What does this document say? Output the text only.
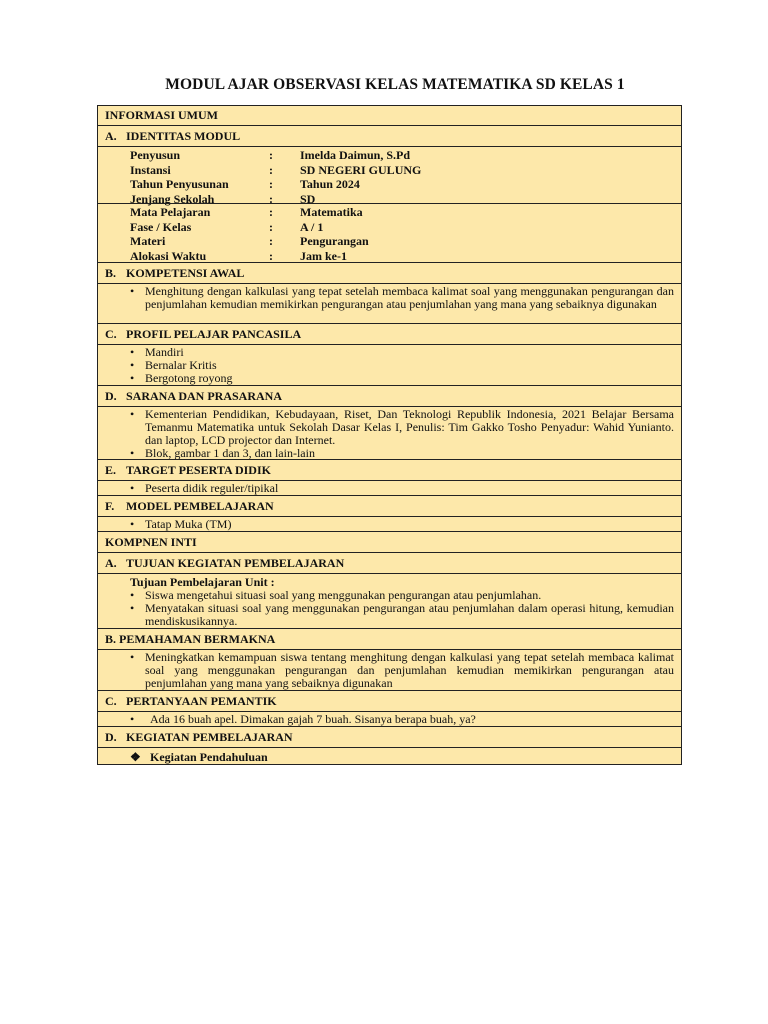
MODUL AJAR OBSERVASI KELAS MATEMATIKA SD KELAS 1
INFORMASI UMUM
A. IDENTITAS MODUL
Penyusun	:	Imelda Daimun, S.Pd
Instansi	:	SD NEGERI GULUNG
Tahun Penyusunan	:	Tahun 2024
Jenjang Sekolah	:	SD
Mata Pelajaran	:	Matematika
Fase / Kelas	:	A / 1
Materi	:	Pengurangan
Alokasi Waktu	:	Jam ke-1
B. KOMPETENSI AWAL
• Menghitung dengan kalkulasi yang tepat setelah membaca kalimat soal yang menggunakan pengurangan dan penjumlahan kemudian memikirkan pengurangan atau penjumlahan yang mana yang sebaiknya digunakan
C. PROFIL PELAJAR PANCASILA
• Mandiri
• Bernalar Kritis
• Bergotong royong
D. SARANA DAN PRASARANA
• Kementerian Pendidikan, Kebudayaan, Riset, Dan Teknologi Republik Indonesia, 2021 Belajar Bersama Temanmu Matematika untuk Sekolah Dasar Kelas I, Penulis: Tim Gakko Tosho Penyadur: Wahid Yunianto. dan laptop, LCD projector dan Internet.
• Blok, gambar 1 dan 3, dan lain-lain
E. TARGET PESERTA DIDIK
• Peserta didik reguler/tipikal
F. MODEL PEMBELAJARAN
• Tatap Muka (TM)
KOMPNEN INTI
A. TUJUAN KEGIATAN PEMBELAJARAN
Tujuan Pembelajaran Unit :
• Siswa mengetahui situasi soal yang menggunakan pengurangan atau penjumlahan.
• Menyatakan situasi soal yang menggunakan pengurangan atau penjumlahan dalam operasi hitung, kemudian mendiskusikannya.
B. PEMAHAMAN BERMAKNA
• Meningkatkan kemampuan siswa tentang menghitung dengan kalkulasi yang tepat setelah membaca kalimat soal yang menggunakan pengurangan dan penjumlahan kemudian memikirkan pengurangan atau penjumlahan yang mana yang sebaiknya digunakan
C. PERTANYAAN PEMANTIK
• Ada 16 buah apel. Dimakan gajah 7 buah. Sisanya berapa buah, ya?
D. KEGIATAN PEMBELAJARAN
❖ Kegiatan Pendahuluan
